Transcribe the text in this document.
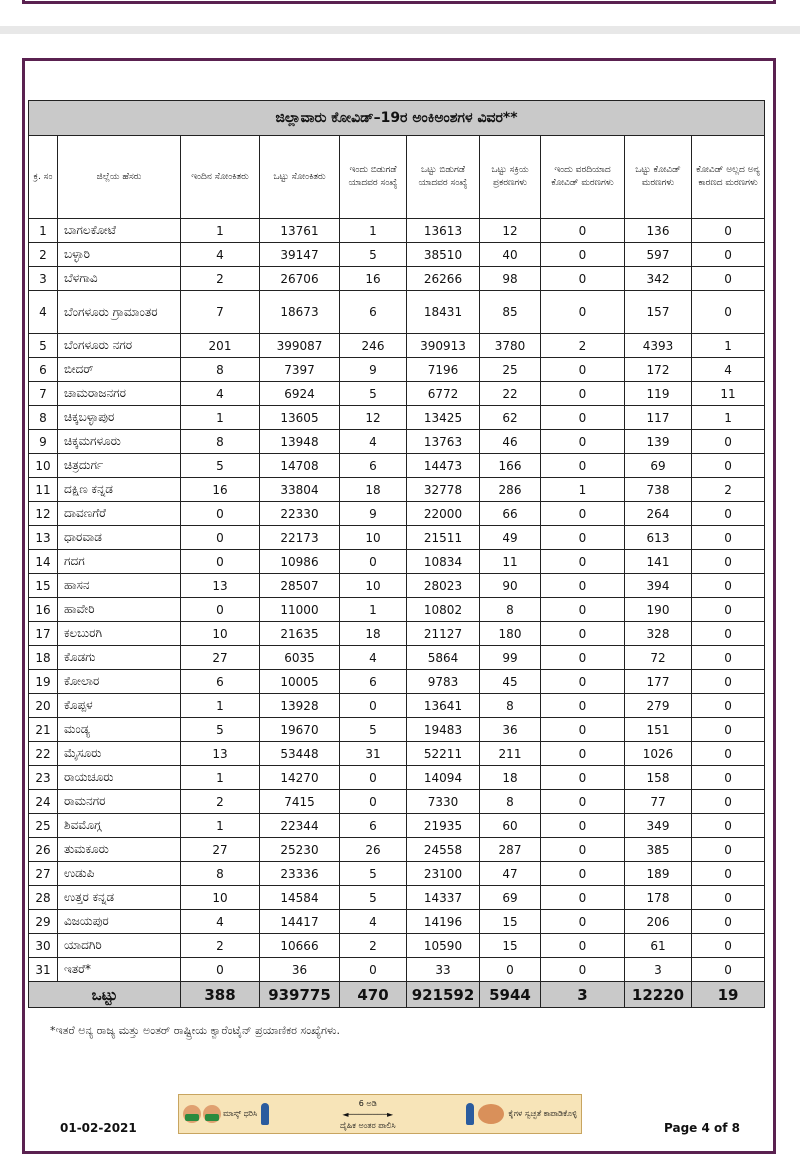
ಜಿಲ್ಲಾವಾರು ಕೋವಿಡ್–19ರ ಅಂಕಿಅಂಶಗಳ ವಿವರ**									
ಕ್ರ. ಸಂ	ಜಿಲ್ಲೆಯ ಹೆಸರು	ಇಂದಿನ ಸೋಂಕಿತರು	ಒಟ್ಟು ಸೋಂಕಿತರು	ಇಂದು ಬಿಡುಗಡೆ ಯಾದವರ ಸಂಖ್ಯೆ	ಒಟ್ಟು ಬಿಡುಗಡೆ ಯಾದವರ ಸಂಖ್ಯೆ	ಒಟ್ಟು ಸಕ್ರಿಯ ಪ್ರಕರಣಗಳು	ಇಂದು ವರದಿಯಾದ ಕೋವಿಡ್ ಮರಣಗಳು	ಒಟ್ಟು ಕೋವಿಡ್ ಮರಣಗಳು	ಕೋವಿಡ್ ಅಲ್ಲದ ಅನ್ಯ ಕಾರಣದ ಮರಣಗಳು
1	ಬಾಗಲಕೋಟೆ	1	13761	1	13613	12	0	136	0
2	ಬಳ್ಳಾರಿ	4	39147	5	38510	40	0	597	0
3	ಬೆಳಗಾವಿ	2	26706	16	26266	98	0	342	0
4	ಬೆಂಗಳೂರು ಗ್ರಾಮಾಂತರ	7	18673	6	18431	85	0	157	0
5	ಬೆಂಗಳೂರು ನಗರ	201	399087	246	390913	3780	2	4393	1
6	ಬೀದರ್	8	7397	9	7196	25	0	172	4
7	ಚಾಮರಾಜನಗರ	4	6924	5	6772	22	0	119	11
8	ಚಿಕ್ಕಬಳ್ಳಾಪುರ	1	13605	12	13425	62	0	117	1
9	ಚಿಕ್ಕಮಗಳೂರು	8	13948	4	13763	46	0	139	0
10	ಚಿತ್ರದುರ್ಗ	5	14708	6	14473	166	0	69	0
11	ದಕ್ಷಿಣ ಕನ್ನಡ	16	33804	18	32778	286	1	738	2
12	ದಾವಣಗೆರೆ	0	22330	9	22000	66	0	264	0
13	ಧಾರವಾಡ	0	22173	10	21511	49	0	613	0
14	ಗದಗ	0	10986	0	10834	11	0	141	0
15	ಹಾಸನ	13	28507	10	28023	90	0	394	0
16	ಹಾವೇರಿ	0	11000	1	10802	8	0	190	0
17	ಕಲಬುರಗಿ	10	21635	18	21127	180	0	328	0
18	ಕೊಡಗು	27	6035	4	5864	99	0	72	0
19	ಕೋಲಾರ	6	10005	6	9783	45	0	177	0
20	ಕೊಪ್ಪಳ	1	13928	0	13641	8	0	279	0
21	ಮಂಡ್ಯ	5	19670	5	19483	36	0	151	0
22	ಮೈಸೂರು	13	53448	31	52211	211	0	1026	0
23	ರಾಯಚೂರು	1	14270	0	14094	18	0	158	0
24	ರಾಮನಗರ	2	7415	0	7330	8	0	77	0
25	ಶಿವಮೊಗ್ಗ	1	22344	6	21935	60	0	349	0
26	ತುಮಕೂರು	27	25230	26	24558	287	0	385	0
27	ಉಡುಪಿ	8	23336	5	23100	47	0	189	0
28	ಉತ್ತರ ಕನ್ನಡ	10	14584	5	14337	69	0	178	0
29	ವಿಜಯಪುರ	4	14417	4	14196	15	0	206	0
30	ಯಾದಗಿರಿ	2	10666	2	10590	15	0	61	0
31	ಇತರೆ*	0	36	0	33	0	0	3	0
ಒಟ್ಟು		388	939775	470	921592	5944	3	12220	19
*ಇತರೆ ಅನ್ಯ ರಾಜ್ಯ ಮತ್ತು ಅಂತರ್ ರಾಷ್ಟ್ರೀಯ ಕ್ವಾರೆಂಟೈನ್ ಪ್ರಯಾಣಿಕರ ಸಂಖ್ಯೆಗಳು.
ಮಾಸ್ಕ್ ಧರಿಸಿ
6 ಅಡಿ
◄────────►
ದೈಹಿಕ ಅಂತರ ಪಾಲಿಸಿ
ಕೈಗಳ ಸ್ವಚ್ಛತೆ ಕಾಪಾಡಿಕೊಳ್ಳಿ
01-02-2021	Page 4 of 8
